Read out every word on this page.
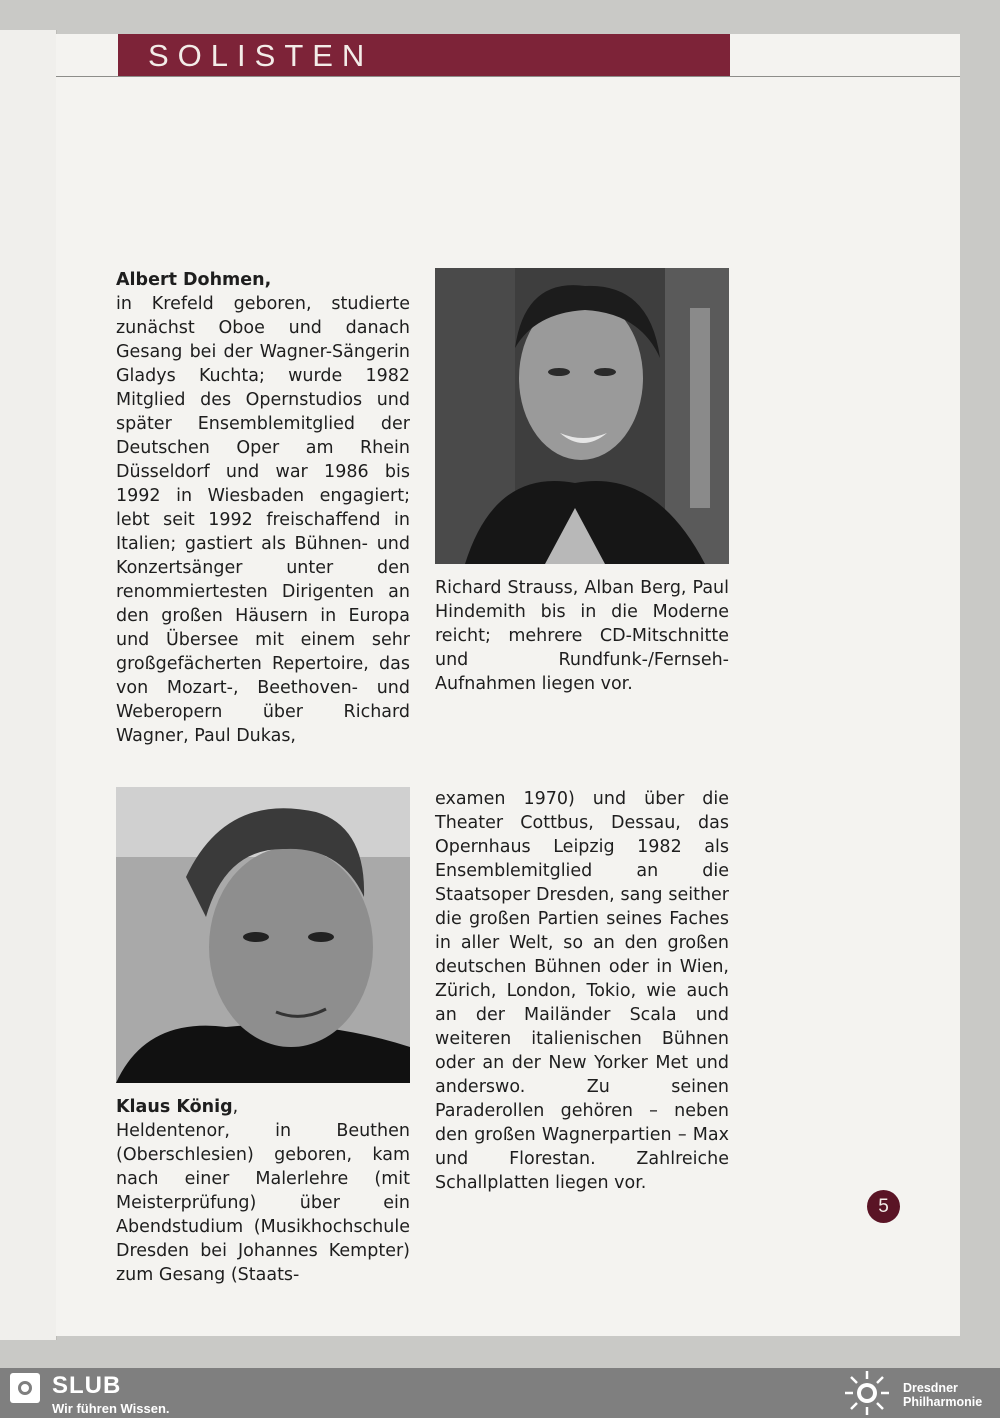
SOLISTEN
Albert Dohmen,

in Krefeld geboren, studierte zunächst Oboe und danach Gesang bei der Wagner-Sängerin Gladys Kuchta; wurde 1982 Mitglied des Opernstudios und später Ensemblemitglied der Deutschen Oper am Rhein Düsseldorf und war 1986 bis 1992 in Wiesbaden engagiert; lebt seit 1992 freischaffend in Italien; gastiert als Bühnen- und Konzertsänger unter den renommiertesten Dirigenten an den großen Häusern in Europa und Übersee mit einem sehr großgefächerten Repertoire, das von Mozart-, Beethoven- und Weberopern über Richard Wagner, Paul Dukas,

Richard Strauss, Alban Berg, Paul Hindemith bis in die Moderne reicht; mehrere CD-Mitschnitte und Rundfunk-/Fernseh-Aufnahmen liegen vor.

Klaus König,

Heldentenor, in Beuthen (Oberschlesien) geboren, kam nach einer Malerlehre (mit Meisterprüfung) über ein Abendstudium (Musikhochschule Dresden bei Johannes Kempter) zum Gesang (Staats-

examen 1970) und über die Theater Cottbus, Dessau, das Opernhaus Leipzig 1982 als Ensemblemitglied an die Staatsoper Dresden, sang seither die großen Partien seines Faches in aller Welt, so an den großen deutschen Bühnen oder in Wien, Zürich, London, Tokio, wie auch an der Mailänder Scala und weiteren italienischen Bühnen oder an der New Yorker Met und anderswo. Zu seinen Paraderollen gehören – neben den großen Wagnerpartien – Max und Florestan. Zahlreiche Schallplatten liegen vor.

5
SLUB
Wir führen Wissen.
Dresdner
Philharmonie
